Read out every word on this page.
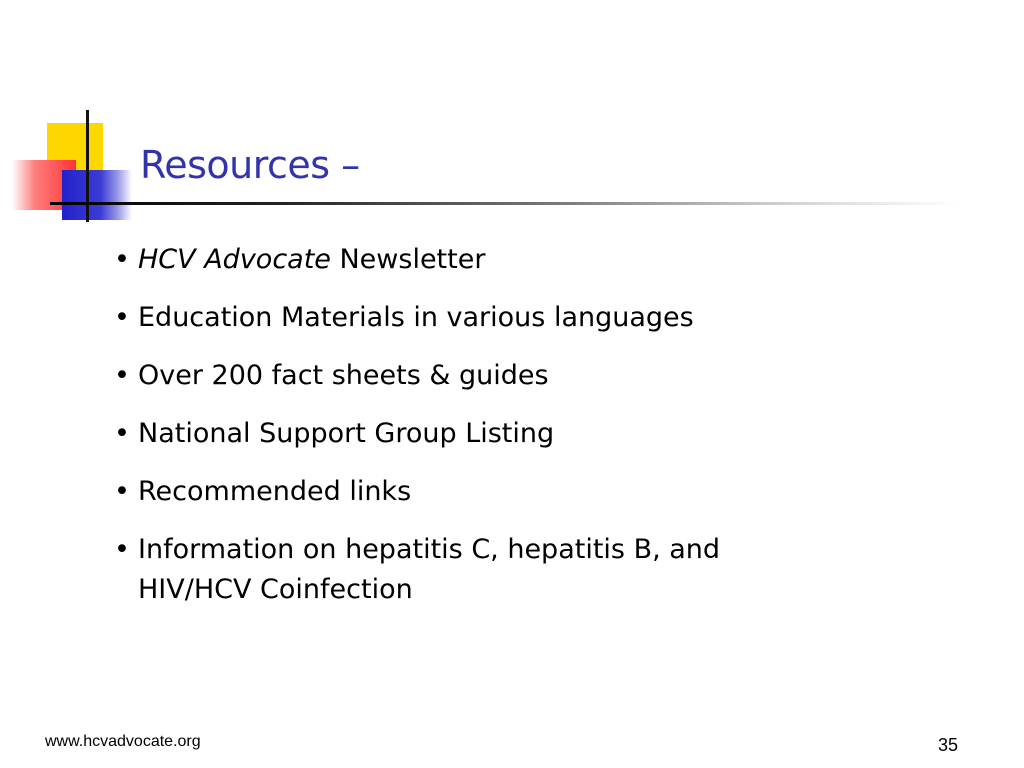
Resources –
• HCV Advocate Newsletter
• Education Materials in various languages
• Over 200 fact sheets & guides
• National Support Group Listing
• Recommended links
• Information on hepatitis C, hepatitis B, and HIV/HCV Coinfection
www.hcvadvocate.org	35
